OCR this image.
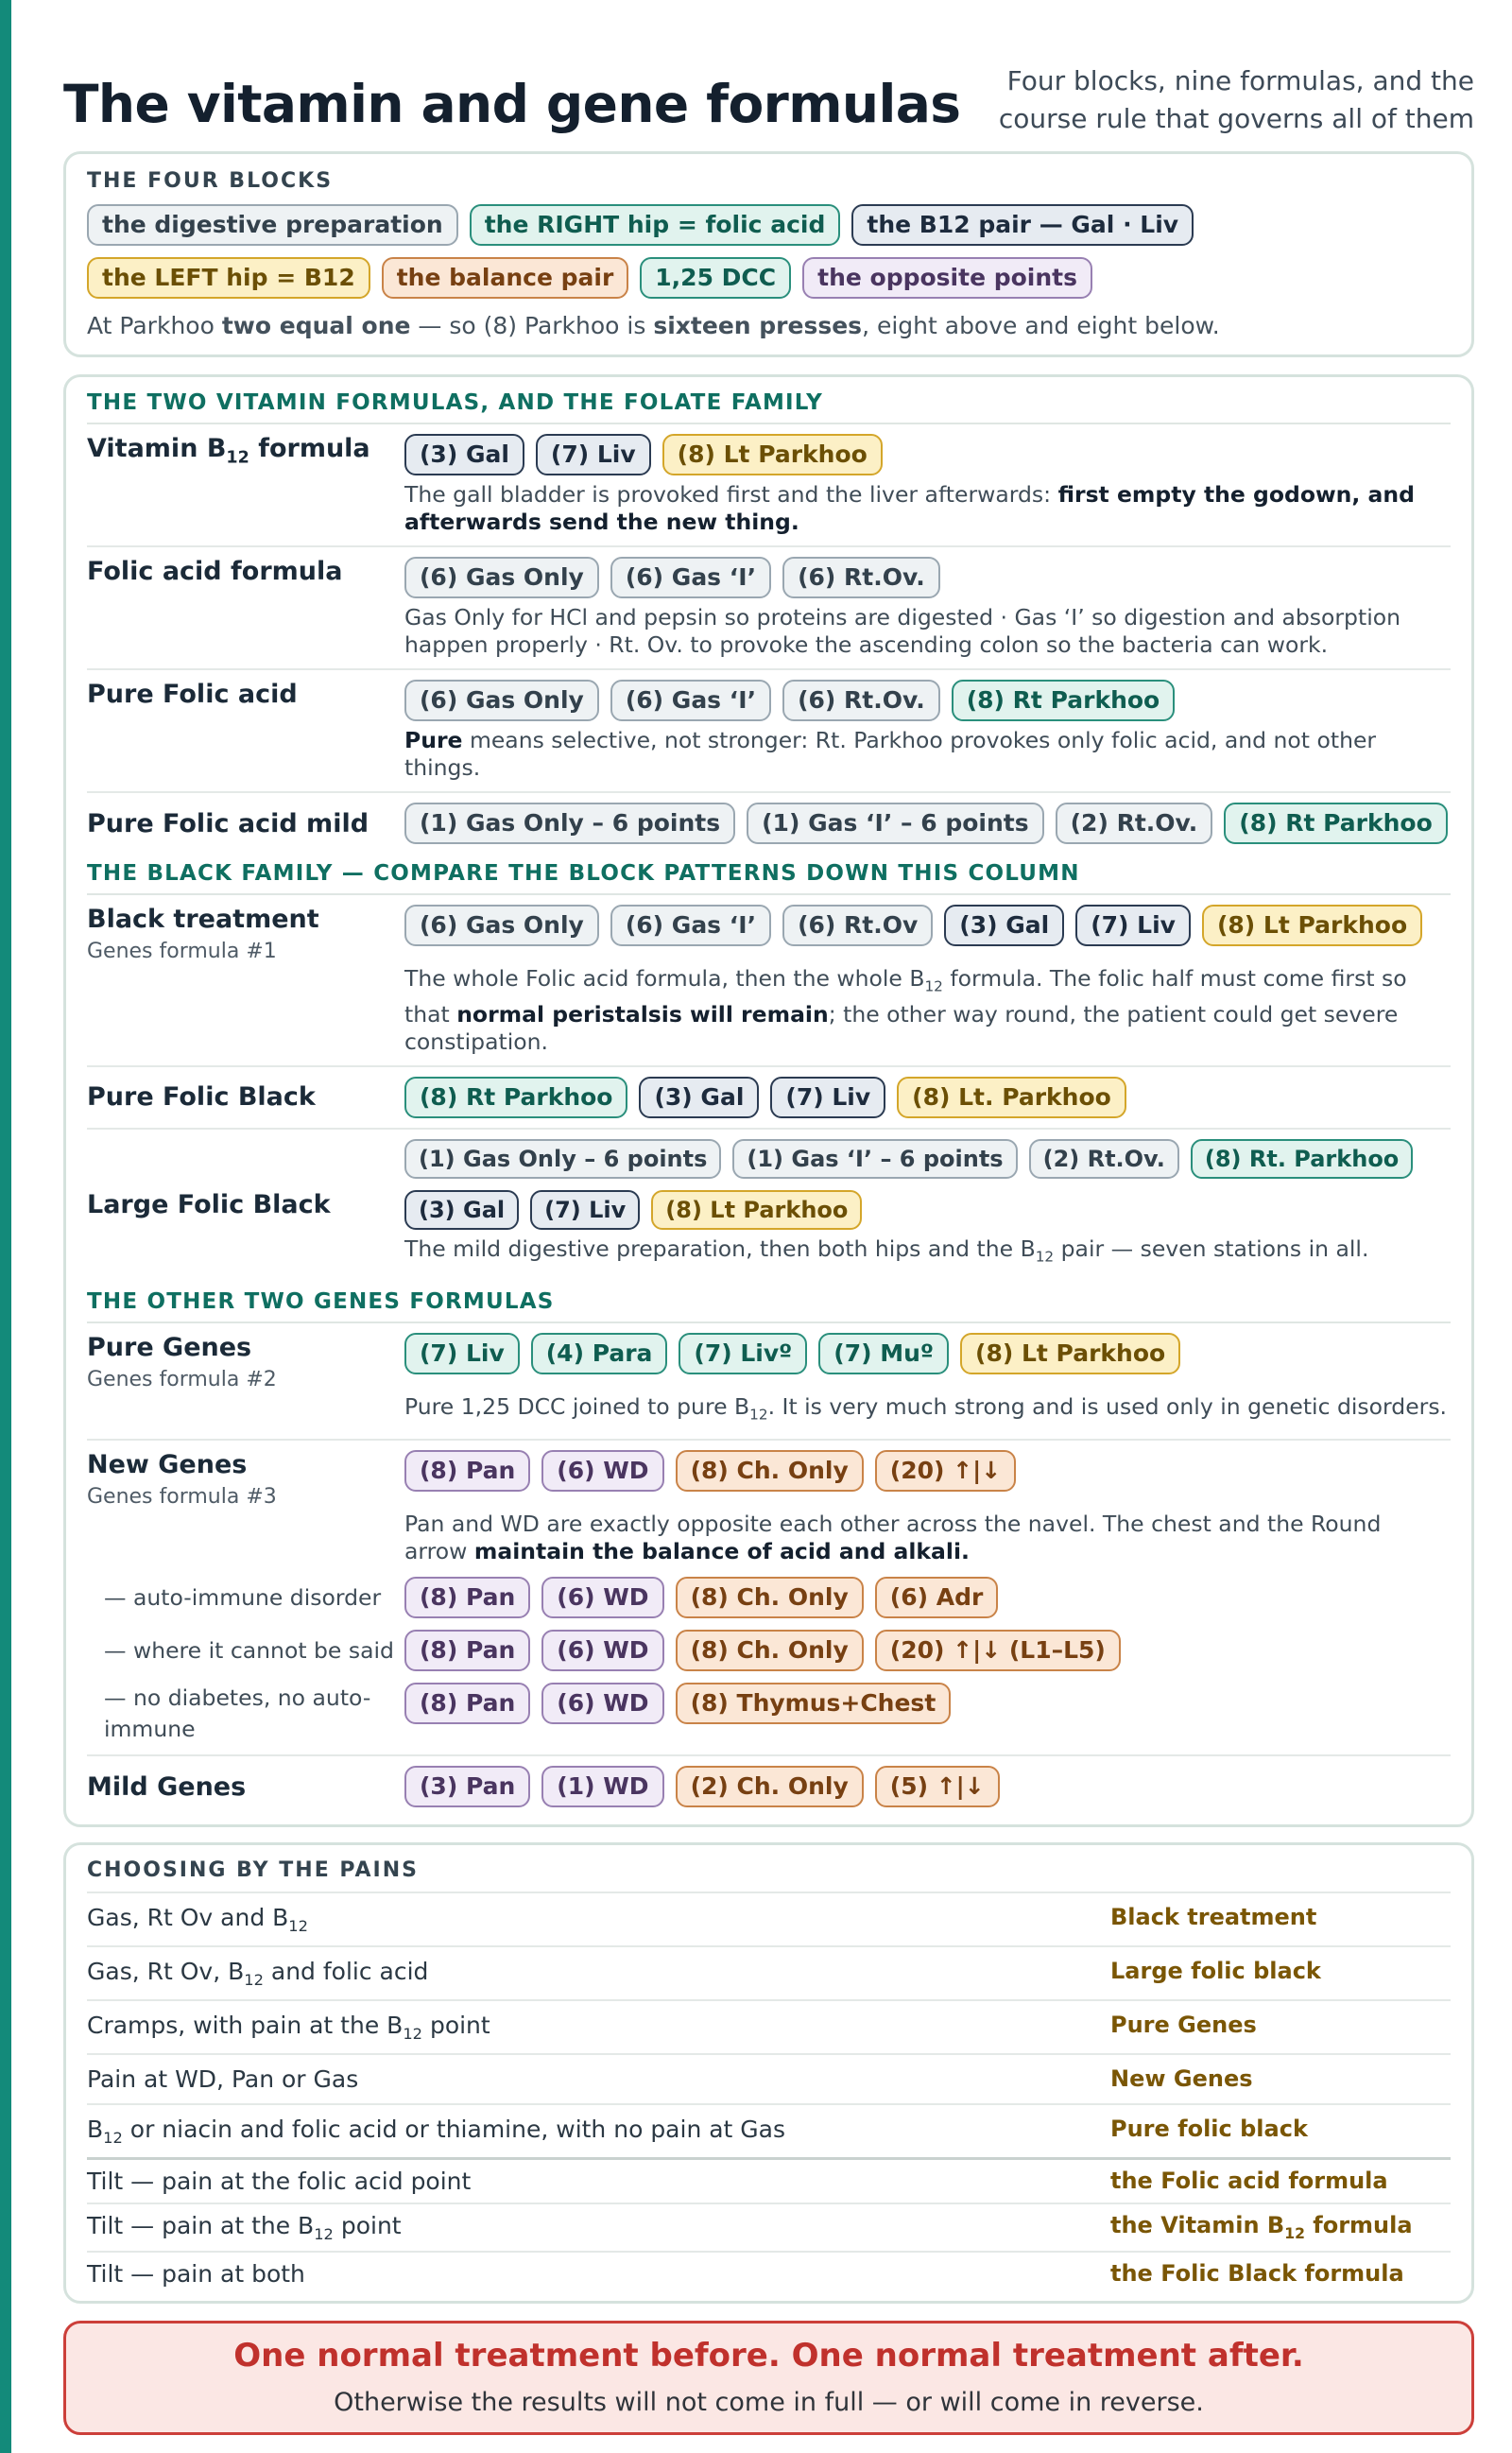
The vitamin and gene formulas	Four blocks, nine formulas, and the course rule that governs all of them
THE FOUR BLOCKS
the digestive preparation	the RIGHT hip = folic acid	the B12 pair — Gal · Liv
the LEFT hip = B12	the balance pair	1,25 DCC	the opposite points
At Parkhoo two equal one — so (8) Parkhoo is sixteen presses, eight above and eight below.
THE TWO VITAMIN FORMULAS, AND THE FOLATE FAMILY
Vitamin $B_{12}$ formula	(3) Gal	(7) Liv	(8) Lt Parkhoo
The gall bladder is provoked first and the liver afterwards: first empty the godown, and afterwards send the new thing.
Folic acid formula	(6) Gas Only	(6) Gas ‘I’	(6) Rt.Ov.
Gas Only for HCl and pepsin so proteins are digested · Gas ‘I’ so digestion and absorption happen properly · Rt. Ov. to provoke the ascending colon so the bacteria can work.
Pure Folic acid	(6) Gas Only	(6) Gas ‘I’	(6) Rt.Ov.	(8) Rt Parkhoo
Pure means selective, not stronger: Rt. Parkhoo provokes only folic acid, and not other things.
Pure Folic acid mild	(1) Gas Only – 6 points	(1) Gas ‘I’ – 6 points	(2) Rt.Ov.	(8) Rt Parkhoo
THE BLACK FAMILY — COMPARE THE BLOCK PATTERNS DOWN THIS COLUMN
Black treatment
Genes formula #1
(6) Gas Only	(6) Gas ‘I’	(6) Rt.Ov	(3) Gal	(7) Liv	(8) Lt Parkhoo
The whole Folic acid formula, then the whole $B_{12}$ formula. The folic half must come first so that normal peristalsis will remain; the other way round, the patient could get severe constipation.
Pure Folic Black	(8) Rt Parkhoo	(3) Gal	(7) Liv	(8) Lt. Parkhoo
Large Folic Black
(1) Gas Only – 6 points	(1) Gas ‘I’ – 6 points	(2) Rt.Ov.	(8) Rt. Parkhoo
(3) Gal	(7) Liv	(8) Lt Parkhoo
The mild digestive preparation, then both hips and the $B_{12}$ pair — seven stations in all.
THE OTHER TWO GENES FORMULAS
Pure Genes
Genes formula #2
(7) Liv	(4) Para	(7) Livº	(7) Muº	(8) Lt Parkhoo
Pure 1,25 DCC joined to pure $B_{12}$. It is very much strong and is used only in genetic disorders.
New Genes
Genes formula #3
(8) Pan	(6) WD	(8) Ch. Only	(20) ↑|↓
Pan and WD are exactly opposite each other across the navel. The chest and the Round arrow maintain the balance of acid and alkali.
— auto-immune disorder	(8) Pan	(6) WD	(8) Ch. Only	(6) Adr
— where it cannot be said	(8) Pan	(6) WD	(8) Ch. Only	(20) ↑|↓ (L1–L5)
— no diabetes, no auto-immune
(8) Pan	(6) WD	(8) Thymus+Chest
Mild Genes	(3) Pan	(1) WD	(2) Ch. Only	(5) ↑|↓
CHOOSING BY THE PAINS
Gas, Rt Ov and $B_{12}$	Black treatment
Gas, Rt Ov, $B_{12}$ and folic acid	Large folic black
Cramps, with pain at the $B_{12}$ point	Pure Genes
Pain at WD, Pan or Gas	New Genes
$B_{12}$ or niacin and folic acid or thiamine, with no pain at Gas	Pure folic black
Tilt — pain at the folic acid point	the Folic acid formula
Tilt — pain at the $B_{12}$ point	the Vitamin $B_{12}$ formula
Tilt — pain at both	the Folic Black formula
One normal treatment before. One normal treatment after.
Otherwise the results will not come in full — or will come in reverse.
